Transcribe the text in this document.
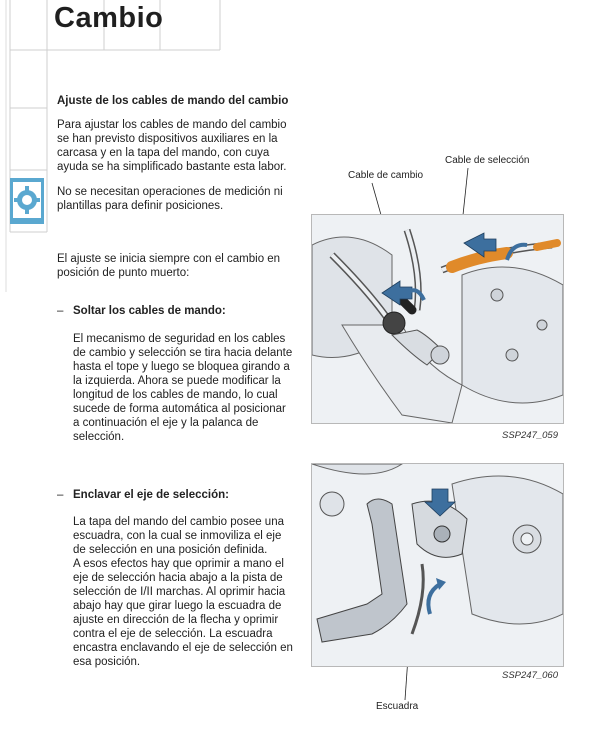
Cambio
Ajuste de los cables de mando del cambio
Para ajustar los cables de mando del cambio
se han previsto dispositivos auxiliares en la
carcasa y en la tapa del mando, con cuya
ayuda se ha simplificado bastante esta labor.
No se necesitan operaciones de medición ni
plantillas para definir posiciones.
El ajuste se inicia siempre con el cambio en
posición de punto muerto:
– Soltar los cables de mando:
El mecanismo de seguridad en los cables
de cambio y selección se tira hacia delante
hasta el tope y luego se bloquea girando a
la izquierda. Ahora se puede modificar la
longitud de los cables de mando, lo cual
sucede de forma automática al posicionar
a continuación el eje y la palanca de
selección.
– Enclavar el eje de selección:
La tapa del mando del cambio posee una
escuadra, con la cual se inmoviliza el eje
de selección en una posición definida.
A esos efectos hay que oprimir a mano el
eje de selección hacia abajo a la pista de
selección de I/II marchas. Al oprimir hacia
abajo hay que girar luego la escuadra de
ajuste en dirección de la flecha y oprimir
contra el eje de selección. La escuadra
encastra enclavando el eje de selección en
esa posición.
Cable de selección
Cable de cambio
SSP247_059
SSP247_060
Escuadra
